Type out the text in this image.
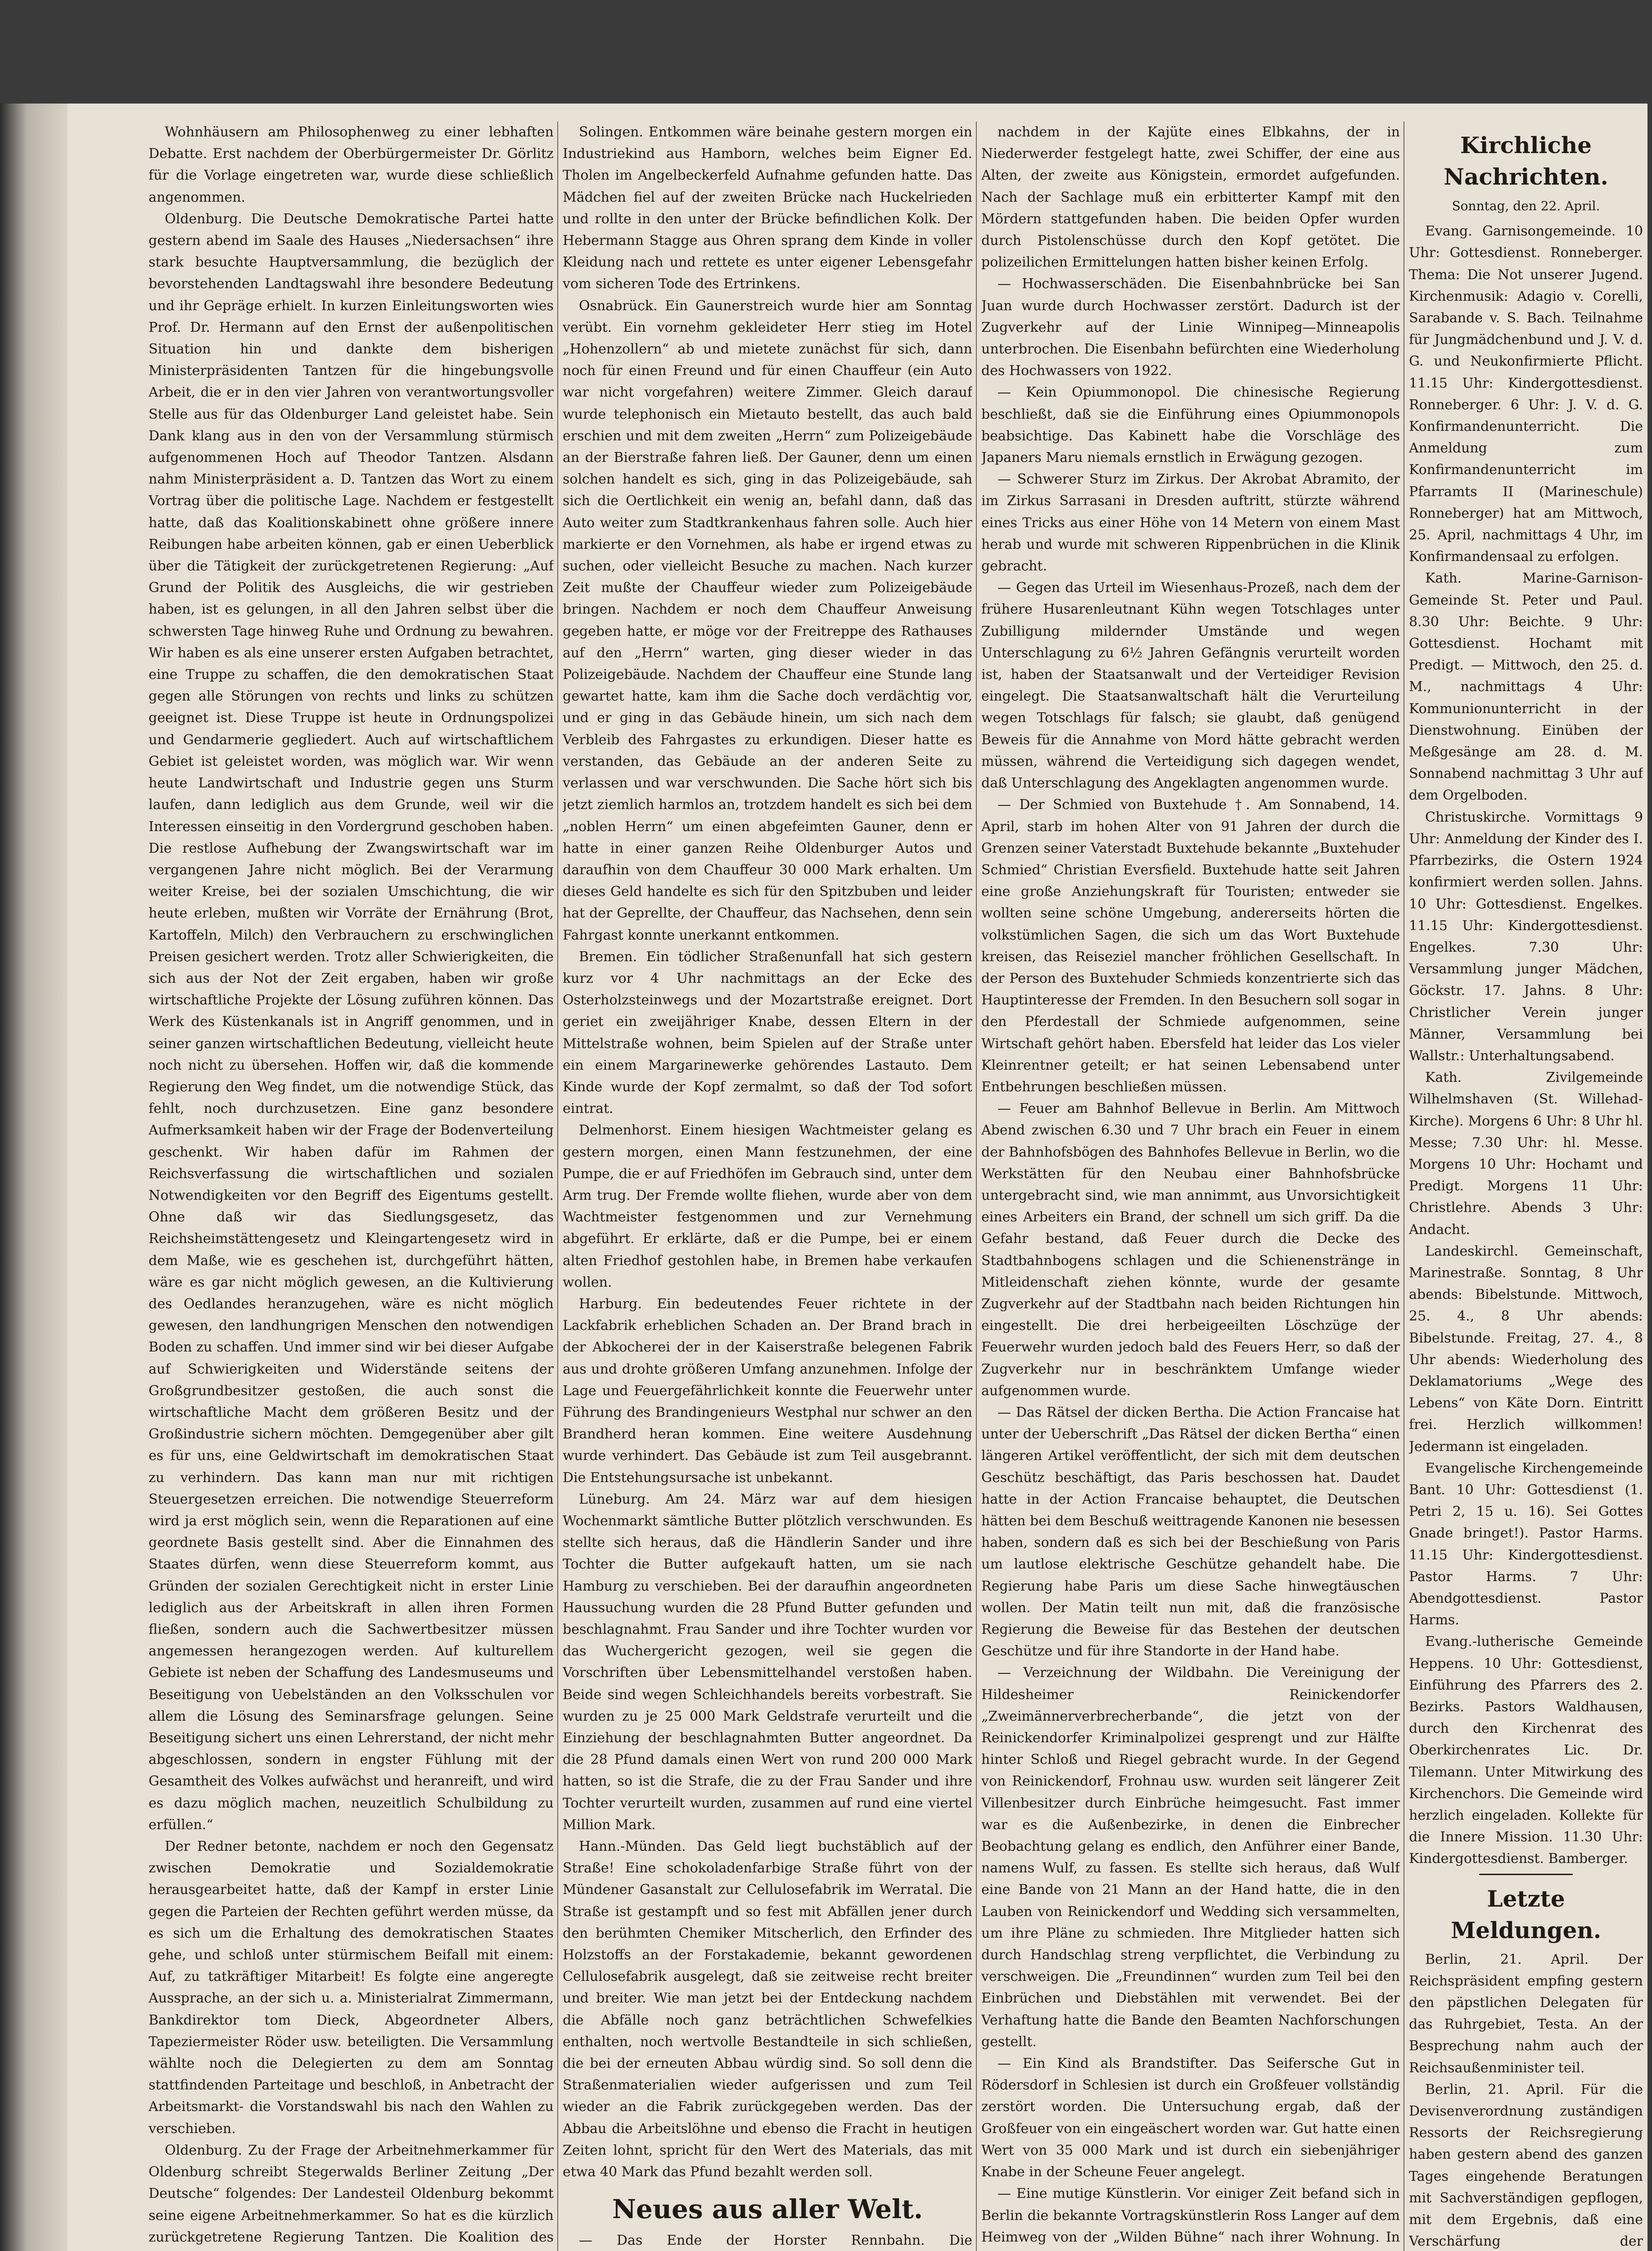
Wohnhäusern am Philosophenweg zu einer lebhaften Debatte. Erst nachdem der Oberbürgermeister Dr. Görlitz für die Vorlage eingetreten war, wurde diese schließlich angenommen.

Oldenburg. Die Deutsche Demokratische Partei hatte gestern abend im Saale des Hauses „Niedersachsen“ ihre stark besuchte Hauptversammlung, die bezüglich der bevorstehenden Landtagswahl ihre besondere Bedeutung und ihr Gepräge erhielt. In kurzen Einleitungsworten wies Prof. Dr. Hermann auf den Ernst der außenpolitischen Situation hin und dankte dem bisherigen Ministerpräsidenten Tantzen für die hingebungsvolle Arbeit, die er in den vier Jahren von verantwortungsvoller Stelle aus für das Oldenburger Land geleistet habe. Sein Dank klang aus in den von der Versammlung stürmisch aufgenommenen Hoch auf Theodor Tantzen. Alsdann nahm Ministerpräsident a. D. Tantzen das Wort zu einem Vortrag über die politische Lage. Nachdem er festgestellt hatte, daß das Koalitionskabinett ohne größere innere Reibungen habe arbeiten können, gab er einen Ueberblick über die Tätigkeit der zurückgetretenen Regierung: „Auf Grund der Politik des Ausgleichs, die wir gestrieben haben, ist es gelungen, in all den Jahren selbst über die schwersten Tage hinweg Ruhe und Ordnung zu bewahren. Wir haben es als eine unserer ersten Aufgaben betrachtet, eine Truppe zu schaffen, die den demokratischen Staat gegen alle Störungen von rechts und links zu schützen geeignet ist. Diese Truppe ist heute in Ordnungspolizei und Gendarmerie gegliedert. Auch auf wirtschaftlichem Gebiet ist geleistet worden, was möglich war. Wir wenn heute Landwirtschaft und Industrie gegen uns Sturm laufen, dann lediglich aus dem Grunde, weil wir die Interessen einseitig in den Vordergrund geschoben haben. Die restlose Aufhebung der Zwangswirtschaft war im vergangenen Jahre nicht möglich. Bei der Verarmung weiter Kreise, bei der sozialen Umschichtung, die wir heute erleben, mußten wir Vorräte der Ernährung (Brot, Kartoffeln, Milch) den Verbrauchern zu erschwinglichen Preisen gesichert werden. Trotz aller Schwierigkeiten, die sich aus der Not der Zeit ergaben, haben wir große wirtschaftliche Projekte der Lösung zuführen können. Das Werk des Küstenkanals ist in Angriff genommen, und in seiner ganzen wirtschaftlichen Bedeutung, vielleicht heute noch nicht zu übersehen. Hoffen wir, daß die kommende Regierung den Weg findet, um die notwendige Stück, das fehlt, noch durchzusetzen. Eine ganz besondere Aufmerksamkeit haben wir der Frage der Bodenverteilung geschenkt. Wir haben dafür im Rahmen der Reichsverfassung die wirtschaftlichen und sozialen Notwendigkeiten vor den Begriff des Eigentums gestellt. Ohne daß wir das Siedlungsgesetz, das Reichsheimstättengesetz und Kleingartengesetz wird in dem Maße, wie es geschehen ist, durchgeführt hätten, wäre es gar nicht möglich gewesen, an die Kultivierung des Oedlandes heranzugehen, wäre es nicht möglich gewesen, den landhungrigen Menschen den notwendigen Boden zu schaffen. Und immer sind wir bei dieser Aufgabe auf Schwierigkeiten und Widerstände seitens der Großgrundbesitzer gestoßen, die auch sonst die wirtschaftliche Macht dem größeren Besitz und der Großindustrie sichern möchten. Demgegenüber aber gilt es für uns, eine Geldwirtschaft im demokratischen Staat zu verhindern. Das kann man nur mit richtigen Steuergesetzen erreichen. Die notwendige Steuerreform wird ja erst möglich sein, wenn die Reparationen auf eine geordnete Basis gestellt sind. Aber die Einnahmen des Staates dürfen, wenn diese Steuerreform kommt, aus Gründen der sozialen Gerechtigkeit nicht in erster Linie lediglich aus der Arbeitskraft in allen ihren Formen fließen, sondern auch die Sachwertbesitzer müssen angemessen herangezogen werden. Auf kulturellem Gebiete ist neben der Schaffung des Landesmuseums und Beseitigung von Uebelständen an den Volksschulen vor allem die Lösung des Seminarsfrage gelungen. Seine Beseitigung sichert uns einen Lehrerstand, der nicht mehr abgeschlossen, sondern in engster Fühlung mit der Gesamtheit des Volkes aufwächst und heranreift, und wird es dazu möglich machen, neuzeitlich Schulbildung zu erfüllen.“

Der Redner betonte, nachdem er noch den Gegensatz zwischen Demokratie und Sozialdemokratie herausgearbeitet hatte, daß der Kampf in erster Linie gegen die Parteien der Rechten geführt werden müsse, da es sich um die Erhaltung des demokratischen Staates gehe, und schloß unter stürmischem Beifall mit einem: Auf, zu tatkräftiger Mitarbeit! Es folgte eine angeregte Aussprache, an der sich u. a. Ministerialrat Zimmermann, Bankdirektor tom Dieck, Abgeordneter Albers, Tapeziermeister Röder usw. beteiligten. Die Versammlung wählte noch die Delegierten zu dem am Sonntag stattfindenden Parteitage und beschloß, in Anbetracht der Arbeitsmarkt- die Vorstandswahl bis nach den Wahlen zu verschieben.

Oldenburg. Zu der Frage der Arbeitnehmerkammer für Oldenburg schreibt Stegerwalds Berliner Zeitung „Der Deutsche“ folgendes: Der Landesteil Oldenburg bekommt seine eigene Arbeitnehmerkammer. So hat es die kürzlich zurückgetretene Regierung Tantzen. Die Koalition des

Solingen. Entkommen wäre beinahe gestern morgen ein Industriekind aus Hamborn, welches beim Eigner Ed. Tholen im Angelbeckerfeld Aufnahme gefunden hatte. Das Mädchen fiel auf der zweiten Brücke nach Huckelrieden und rollte in den unter der Brücke befindlichen Kolk. Der Hebermann Stagge aus Ohren sprang dem Kinde in voller Kleidung nach und rettete es unter eigener Lebensgefahr vom sicheren Tode des Ertrinkens.

Osnabrück. Ein Gaunerstreich wurde hier am Sonntag verübt. Ein vornehm gekleideter Herr stieg im Hotel „Hohenzollern“ ab und mietete zunächst für sich, dann noch für einen Freund und für einen Chauffeur (ein Auto war nicht vorgefahren) weitere Zimmer. Gleich darauf wurde telephonisch ein Mietauto bestellt, das auch bald erschien und mit dem zweiten „Herrn“ zum Polizeigebäude an der Bierstraße fahren ließ. Der Gauner, denn um einen solchen handelt es sich, ging in das Polizeigebäude, sah sich die Oertlichkeit ein wenig an, befahl dann, daß das Auto weiter zum Stadtkrankenhaus fahren solle. Auch hier markierte er den Vornehmen, als habe er irgend etwas zu suchen, oder vielleicht Besuche zu machen. Nach kurzer Zeit mußte der Chauffeur wieder zum Polizeigebäude bringen. Nachdem er noch dem Chauffeur Anweisung gegeben hatte, er möge vor der Freitreppe des Rathauses auf den „Herrn“ warten, ging dieser wieder in das Polizeigebäude. Nachdem der Chauffeur eine Stunde lang gewartet hatte, kam ihm die Sache doch verdächtig vor, und er ging in das Gebäude hinein, um sich nach dem Verbleib des Fahrgastes zu erkundigen. Dieser hatte es verstanden, das Gebäude an der anderen Seite zu verlassen und war verschwunden. Die Sache hört sich bis jetzt ziemlich harmlos an, trotzdem handelt es sich bei dem „noblen Herrn“ um einen abgefeimten Gauner, denn er hatte in einer ganzen Reihe Oldenburger Autos und daraufhin von dem Chauffeur 30 000 Mark erhalten. Um dieses Geld handelte es sich für den Spitzbuben und leider hat der Geprellte, der Chauffeur, das Nachsehen, denn sein Fahrgast konnte unerkannt entkommen.

Bremen. Ein tödlicher Straßenunfall hat sich gestern kurz vor 4 Uhr nachmittags an der Ecke des Osterholzsteinwegs und der Mozartstraße ereignet. Dort geriet ein zweijähriger Knabe, dessen Eltern in der Mittelstraße wohnen, beim Spielen auf der Straße unter ein einem Margarinewerke gehörendes Lastauto. Dem Kinde wurde der Kopf zermalmt, so daß der Tod sofort eintrat.

Delmenhorst. Einem hiesigen Wachtmeister gelang es gestern morgen, einen Mann festzunehmen, der eine Pumpe, die er auf Friedhöfen im Gebrauch sind, unter dem Arm trug. Der Fremde wollte fliehen, wurde aber von dem Wachtmeister festgenommen und zur Vernehmung abgeführt. Er erklärte, daß er die Pumpe, bei er einem alten Friedhof gestohlen habe, in Bremen habe verkaufen wollen.

Harburg. Ein bedeutendes Feuer richtete in der Lackfabrik erheblichen Schaden an. Der Brand brach in der Abkocherei der in der Kaiserstraße belegenen Fabrik aus und drohte größeren Umfang anzunehmen. Infolge der Lage und Feuergefährlichkeit konnte die Feuerwehr unter Führung des Brandingenieurs Westphal nur schwer an den Brandherd heran kommen. Eine weitere Ausdehnung wurde verhindert. Das Gebäude ist zum Teil ausgebrannt. Die Entstehungsursache ist unbekannt.

Lüneburg. Am 24. März war auf dem hiesigen Wochenmarkt sämtliche Butter plötzlich verschwunden. Es stellte sich heraus, daß die Händlerin Sander und ihre Tochter die Butter aufgekauft hatten, um sie nach Hamburg zu verschieben. Bei der daraufhin angeordneten Haussuchung wurden die 28 Pfund Butter gefunden und beschlagnahmt. Frau Sander und ihre Tochter wurden vor das Wuchergericht gezogen, weil sie gegen die Vorschriften über Lebensmittelhandel verstoßen haben. Beide sind wegen Schleichhandels bereits vorbestraft. Sie wurden zu je 25 000 Mark Geldstrafe verurteilt und die Einziehung der beschlagnahmten Butter angeordnet. Da die 28 Pfund damals einen Wert von rund 200 000 Mark hatten, so ist die Strafe, die zu der Frau Sander und ihre Tochter verurteilt wurden, zusammen auf rund eine viertel Million Mark.

Hann.-Münden. Das Geld liegt buchstäblich auf der Straße! Eine schokoladenfarbige Straße führt von der Mündener Gasanstalt zur Cellulosefabrik im Werratal. Die Straße ist gestampft und so fest mit Abfällen jener durch den berühmten Chemiker Mitscherlich, den Erfinder des Holzstoffs an der Forstakademie, bekannt gewordenen Cellulosefabrik ausgelegt, daß sie zeitweise recht breiter und breiter. Wie man jetzt bei der Entdeckung nachdem die Abfälle noch ganz beträchtlichen Schwefelkies enthalten, noch wertvolle Bestandteile in sich schließen, die bei der erneuten Abbau würdig sind. So soll denn die Straßenmaterialien wieder aufgerissen und zum Teil wieder an die Fabrik zurückgegeben werden. Das der Abbau die Arbeitslöhne und ebenso die Fracht in heutigen Zeiten lohnt, spricht für den Wert des Materials, das mit etwa 40 Mark das Pfund bezahlt werden soll.

Neues aus aller Welt.

— Das Ende der Horster Rennbahn. Die

nachdem in der Kajüte eines Elbkahns, der in Niederwerder festgelegt hatte, zwei Schiffer, der eine aus Alten, der zweite aus Königstein, ermordet aufgefunden. Nach der Sachlage muß ein erbitterter Kampf mit den Mördern stattgefunden haben. Die beiden Opfer wurden durch Pistolenschüsse durch den Kopf getötet. Die polizeilichen Ermittelungen hatten bisher keinen Erfolg.

— Hochwasserschäden. Die Eisenbahnbrücke bei San Juan wurde durch Hochwasser zerstört. Dadurch ist der Zugverkehr auf der Linie Winnipeg—Minneapolis unterbrochen. Die Eisenbahn befürchten eine Wiederholung des Hochwassers von 1922.

— Kein Opiummonopol. Die chinesische Regierung beschließt, daß sie die Einführung eines Opiummonopols beabsichtige. Das Kabinett habe die Vorschläge des Japaners Maru niemals ernstlich in Erwägung gezogen.

— Schwerer Sturz im Zirkus. Der Akrobat Abramito, der im Zirkus Sarrasani in Dresden auftritt, stürzte während eines Tricks aus einer Höhe von 14 Metern von einem Mast herab und wurde mit schweren Rippenbrüchen in die Klinik gebracht.

— Gegen das Urteil im Wiesenhaus-Prozeß, nach dem der frühere Husarenleutnant Kühn wegen Totschlages unter Zubilligung mildernder Umstände und wegen Unterschlagung zu 6½ Jahren Gefängnis verurteilt worden ist, haben der Staatsanwalt und der Verteidiger Revision eingelegt. Die Staatsanwaltschaft hält die Verurteilung wegen Totschlags für falsch; sie glaubt, daß genügend Beweis für die Annahme von Mord hätte gebracht werden müssen, während die Verteidigung sich dagegen wendet, daß Unterschlagung des Angeklagten angenommen wurde.

— Der Schmied von Buxtehude †. Am Sonnabend, 14. April, starb im hohen Alter von 91 Jahren der durch die Grenzen seiner Vaterstadt Buxtehude bekannte „Buxtehuder Schmied“ Christian Eversfield. Buxtehude hatte seit Jahren eine große Anziehungskraft für Touristen; entweder sie wollten seine schöne Umgebung, andererseits hörten die volkstümlichen Sagen, die sich um das Wort Buxtehude kreisen, das Reiseziel mancher fröhlichen Gesellschaft. In der Person des Buxtehuder Schmieds konzentrierte sich das Hauptinteresse der Fremden. In den Besuchern soll sogar in den Pferdestall der Schmiede aufgenommen, seine Wirtschaft gehört haben. Ebersfeld hat leider das Los vieler Kleinrentner geteilt; er hat seinen Lebensabend unter Entbehrungen beschließen müssen.

— Feuer am Bahnhof Bellevue in Berlin. Am Mittwoch Abend zwischen 6.30 und 7 Uhr brach ein Feuer in einem der Bahnhofsbögen des Bahnhofes Bellevue in Berlin, wo die Werkstätten für den Neubau einer Bahnhofsbrücke untergebracht sind, wie man annimmt, aus Unvorsichtigkeit eines Arbeiters ein Brand, der schnell um sich griff. Da die Gefahr bestand, daß Feuer durch die Decke des Stadtbahnbogens schlagen und die Schienenstränge in Mitleidenschaft ziehen könnte, wurde der gesamte Zugverkehr auf der Stadtbahn nach beiden Richtungen hin eingestellt. Die drei herbeigeeilten Löschzüge der Feuerwehr wurden jedoch bald des Feuers Herr, so daß der Zugverkehr nur in beschränktem Umfange wieder aufgenommen wurde.

— Das Rätsel der dicken Bertha. Die Action Francaise hat unter der Ueberschrift „Das Rätsel der dicken Bertha“ einen längeren Artikel veröffentlicht, der sich mit dem deutschen Geschütz beschäftigt, das Paris beschossen hat. Daudet hatte in der Action Francaise behauptet, die Deutschen hätten bei dem Beschuß weittragende Kanonen nie besessen haben, sondern daß es sich bei der Beschießung von Paris um lautlose elektrische Geschütze gehandelt habe. Die Regierung habe Paris um diese Sache hinwegtäuschen wollen. Der Matin teilt nun mit, daß die französische Regierung die Beweise für das Bestehen der deutschen Geschütze und für ihre Standorte in der Hand habe.

— Verzeichnung der Wildbahn. Die Vereinigung der Hildesheimer Reinickendorfer „Zweimännerverbrecherbande“, die jetzt von der Reinickendorfer Kriminalpolizei gesprengt und zur Hälfte hinter Schloß und Riegel gebracht wurde. In der Gegend von Reinickendorf, Frohnau usw. wurden seit längerer Zeit Villenbesitzer durch Einbrüche heimgesucht. Fast immer war es die Außenbezirke, in denen die Einbrecher Beobachtung gelang es endlich, den Anführer einer Bande, namens Wulf, zu fassen. Es stellte sich heraus, daß Wulf eine Bande von 21 Mann an der Hand hatte, die in den Lauben von Reinickendorf und Wedding sich versammelten, um ihre Pläne zu schmieden. Ihre Mitglieder hatten sich durch Handschlag streng verpflichtet, die Verbindung zu verschweigen. Die „Freundinnen“ wurden zum Teil bei den Einbrüchen und Diebstählen mit verwendet. Bei der Verhaftung hatte die Bande den Beamten Nachforschungen gestellt.

— Ein Kind als Brandstifter. Das Seifersche Gut in Rödersdorf in Schlesien ist durch ein Großfeuer vollständig zerstört worden. Die Untersuchung ergab, daß der Großfeuer von ein eingeäschert worden war. Gut hatte einen Wert von 35 000 Mark und ist durch ein siebenjähriger Knabe in der Scheune Feuer angelegt.

— Eine mutige Künstlerin. Vor einiger Zeit befand sich in Berlin die bekannte Vortragskünstlerin Ross Langer auf dem Heimweg von der „Wilden Bühne“ nach ihrer Wohnung. In

Kirchliche Nachrichten.
Sonntag, den 22. April.

Evang. Garnisongemeinde. 10 Uhr: Gottesdienst. Ronneberger. Thema: Die Not unserer Jugend. Kirchenmusik: Adagio v. Corelli, Sarabande v. S. Bach. Teilnahme für Jungmädchenbund und J. V. d. G. und Neukonfirmierte Pflicht. 11.15 Uhr: Kindergottesdienst. Ronneberger. 6 Uhr: J. V. d. G. Konfirmandenunterricht. Die Anmeldung zum Konfirmandenunterricht im Pfarramts II (Marineschule) Ronneberger) hat am Mittwoch, 25. April, nachmittags 4 Uhr, im Konfirmandensaal zu erfolgen.

Kath. Marine-Garnison-Gemeinde St. Peter und Paul. 8.30 Uhr: Beichte. 9 Uhr: Gottesdienst. Hochamt mit Predigt. — Mittwoch, den 25. d. M., nachmittags 4 Uhr: Kommunionunterricht in der Dienstwohnung. Einüben der Meßgesänge am 28. d. M. Sonnabend nachmittag 3 Uhr auf dem Orgelboden.

Christuskirche. Vormittags 9 Uhr: Anmeldung der Kinder des I. Pfarrbezirks, die Ostern 1924 konfirmiert werden sollen. Jahns. 10 Uhr: Gottesdienst. Engelkes. 11.15 Uhr: Kindergottesdienst. Engelkes. 7.30 Uhr: Versammlung junger Mädchen, Göckstr. 17. Jahns. 8 Uhr: Christlicher Verein junger Männer, Versammlung bei Wallstr.: Unterhaltungsabend.

Kath. Zivilgemeinde Wilhelmshaven (St. Willehad-Kirche). Morgens 6 Uhr: 8 Uhr hl. Messe; 7.30 Uhr: hl. Messe. Morgens 10 Uhr: Hochamt und Predigt. Morgens 11 Uhr: Christlehre. Abends 3 Uhr: Andacht.

Landeskirchl. Gemeinschaft, Marinestraße. Sonntag, 8 Uhr abends: Bibelstunde. Mittwoch, 25. 4., 8 Uhr abends: Bibelstunde. Freitag, 27. 4., 8 Uhr abends: Wiederholung des Deklamatoriums „Wege des Lebens“ von Käte Dorn. Eintritt frei. Herzlich willkommen! Jedermann ist eingeladen.

Evangelische Kirchengemeinde Bant. 10 Uhr: Gottesdienst (1. Petri 2, 15 u. 16). Sei Gottes Gnade bringet!). Pastor Harms. 11.15 Uhr: Kindergottesdienst. Pastor Harms. 7 Uhr: Abendgottesdienst. Pastor Harms.

Evang.-lutherische Gemeinde Heppens. 10 Uhr: Gottesdienst, Einführung des Pfarrers des 2. Bezirks. Pastors Waldhausen, durch den Kirchenrat des Oberkirchenrates Lic. Dr. Tilemann. Unter Mitwirkung des Kirchenchors. Die Gemeinde wird herzlich eingeladen. Kollekte für die Innere Mission. 11.30 Uhr: Kindergottesdienst. Bamberger.

Letzte Meldungen.

Berlin, 21. April. Der Reichspräsident empfing gestern den päpstlichen Delegaten für das Ruhrgebiet, Testa. An der Besprechung nahm auch der Reichsaußenminister teil.

Berlin, 21. April. Für die Devisenverordnung zuständigen Ressorts der Reichsregierung haben gestern abend des ganzen Tages eingehende Beratungen mit Sachverständigen gepflogen, mit dem Ergebnis, daß eine Verschärfung der
